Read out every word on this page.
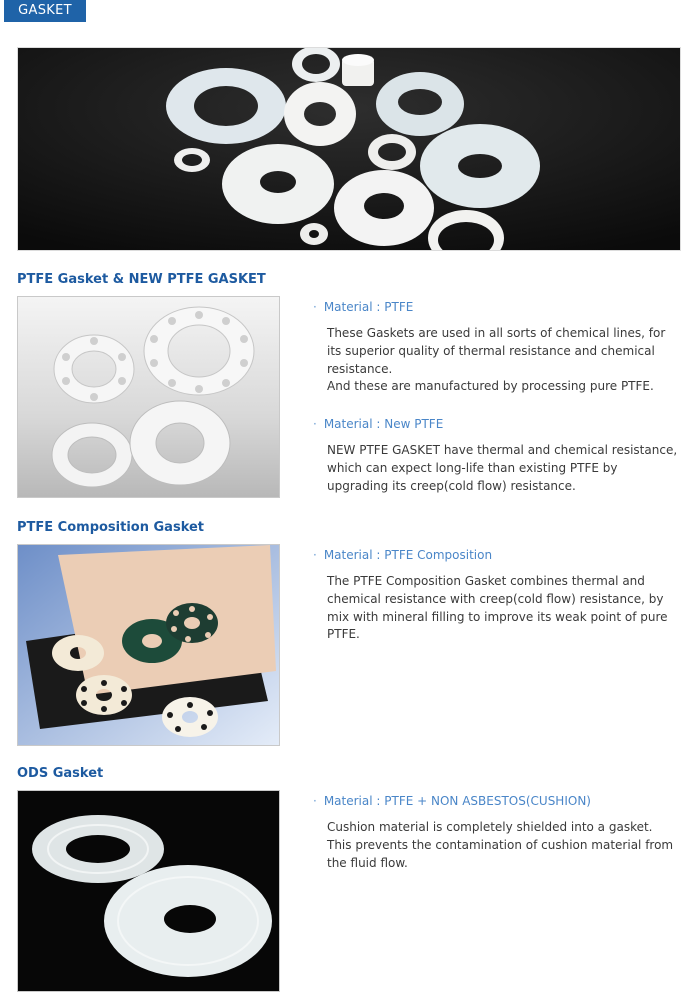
GASKET
PTFE Gasket & NEW PTFE GASKET
· Material : PTFE

These Gaskets are used in all sorts of chemical lines, for its superior quality of thermal resistance and chemical resistance.

And these are manufactured by processing pure PTFE.

· Material : New PTFE

NEW PTFE GASKET have thermal and chemical resistance, which can expect long-life than existing PTFE by upgrading its creep(cold flow) resistance.

PTFE Composition Gasket
· Material : PTFE Composition

The PTFE Composition Gasket combines thermal and chemical resistance with creep(cold flow) resistance, by mix with mineral filling to improve its weak point of pure PTFE.

ODS Gasket
· Material : PTFE + NON ASBESTOS(CUSHION)

Cushion material is completely shielded into a gasket.

This prevents the contamination of cushion material from the fluid flow.
